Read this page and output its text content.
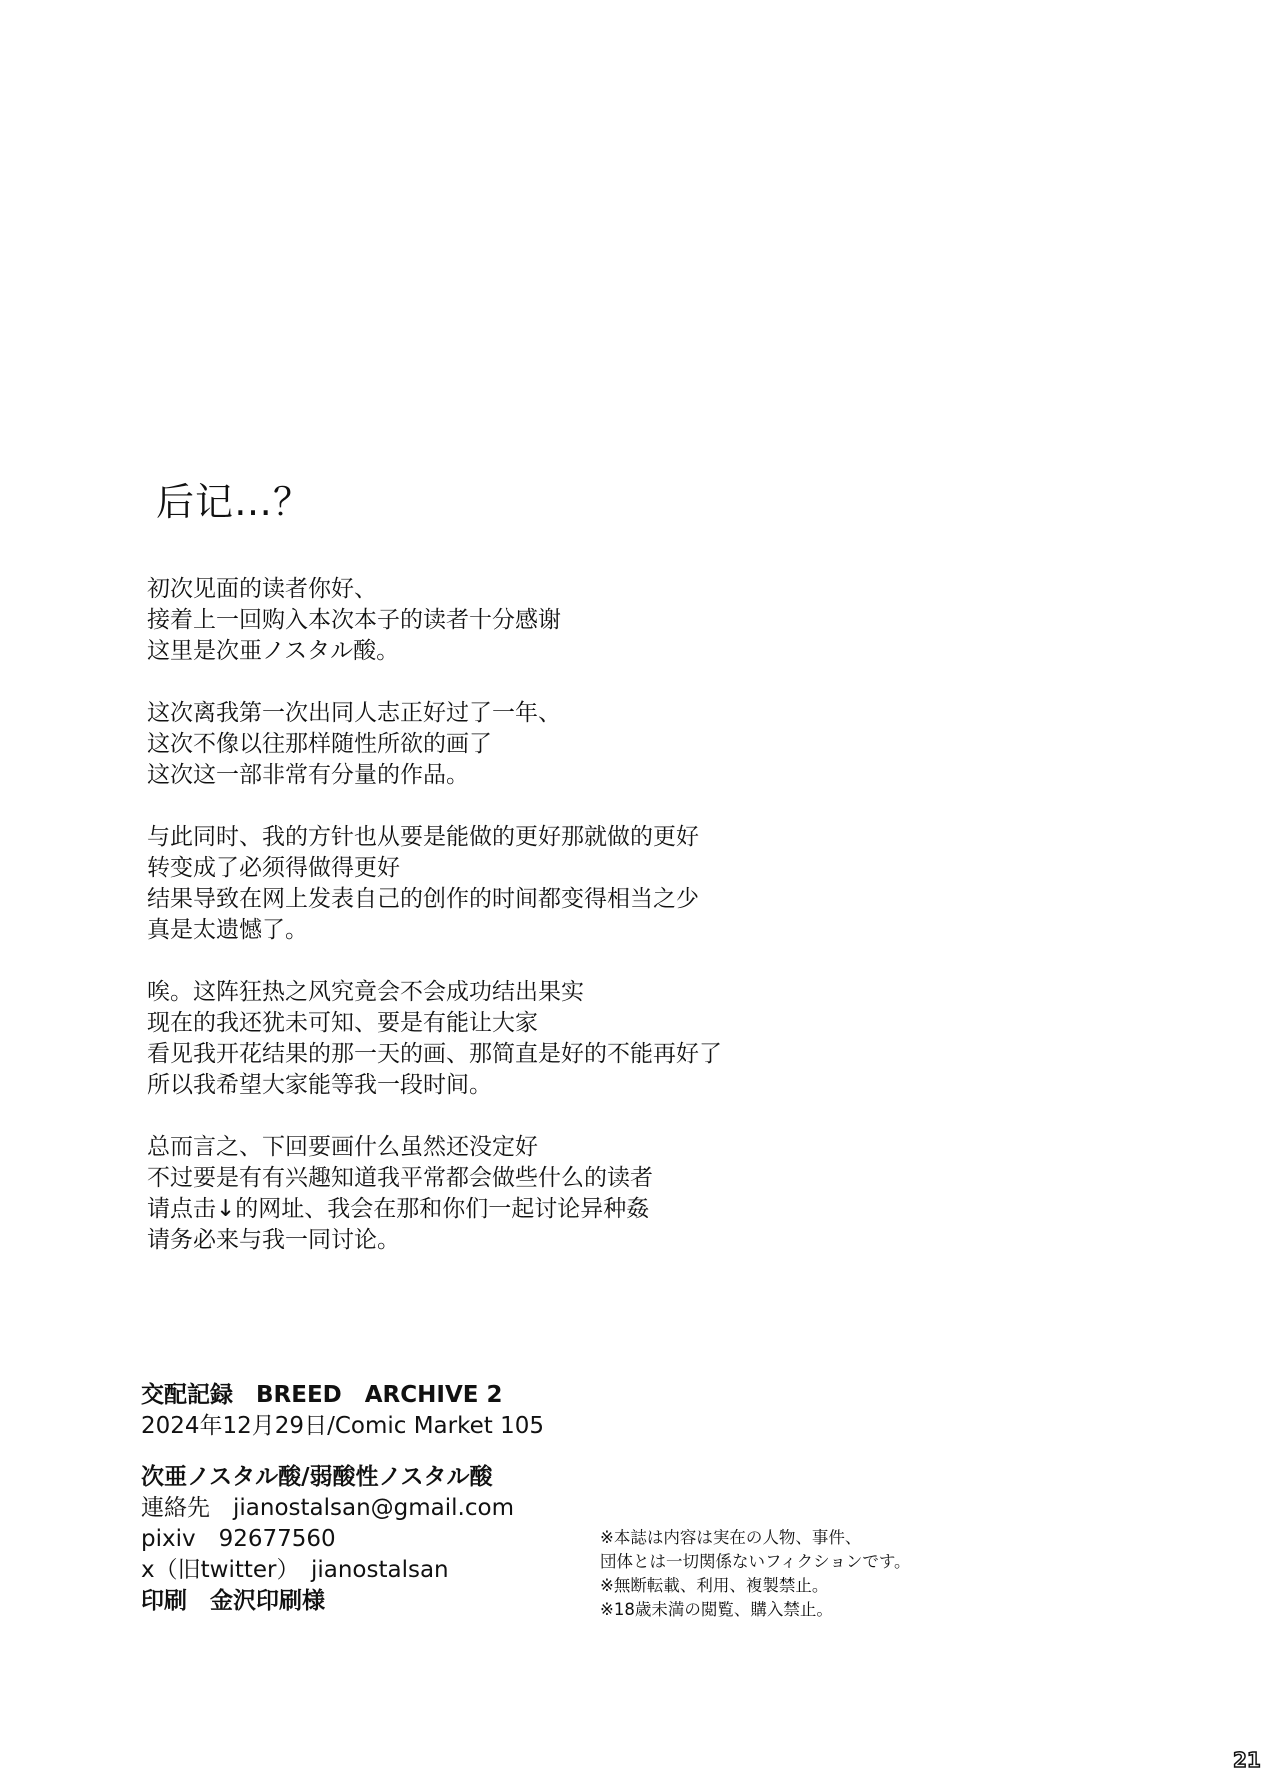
后记…？
初次见面的读者你好、
接着上一回购入本次本子的读者十分感谢
这里是次亜ノスタル酸。
这次离我第一次出同人志正好过了一年、
这次不像以往那样随性所欲的画了
这次这一部非常有分量的作品。
与此同时、我的方针也从要是能做的更好那就做的更好
转变成了必须得做得更好
结果导致在网上发表自己的创作的时间都变得相当之少
真是太遗憾了。
唉。这阵狂热之风究竟会不会成功结出果实
现在的我还犹未可知、要是有能让大家
看见我开花结果的那一天的画、那简直是好的不能再好了
所以我希望大家能等我一段时间。
总而言之、下回要画什么虽然还没定好
不过要是有有兴趣知道我平常都会做些什么的读者
请点击↓的网址、我会在那和你们一起讨论异种姦
请务必来与我一同讨论。
交配記録　BREED　ARCHIVE 2
2024年12月29日/Comic Market 105
次亜ノスタル酸/弱酸性ノスタル酸
連絡先　jianostalsan@gmail.com
pixiv　92677560
x（旧twitter）　jianostalsan
印刷　金沢印刷様
※本誌は内容は実在の人物、事件、
団体とは一切関係ないフィクションです。
※無断転載、利用、複製禁止。
※18歳未満の閲覧、購入禁止。
21
